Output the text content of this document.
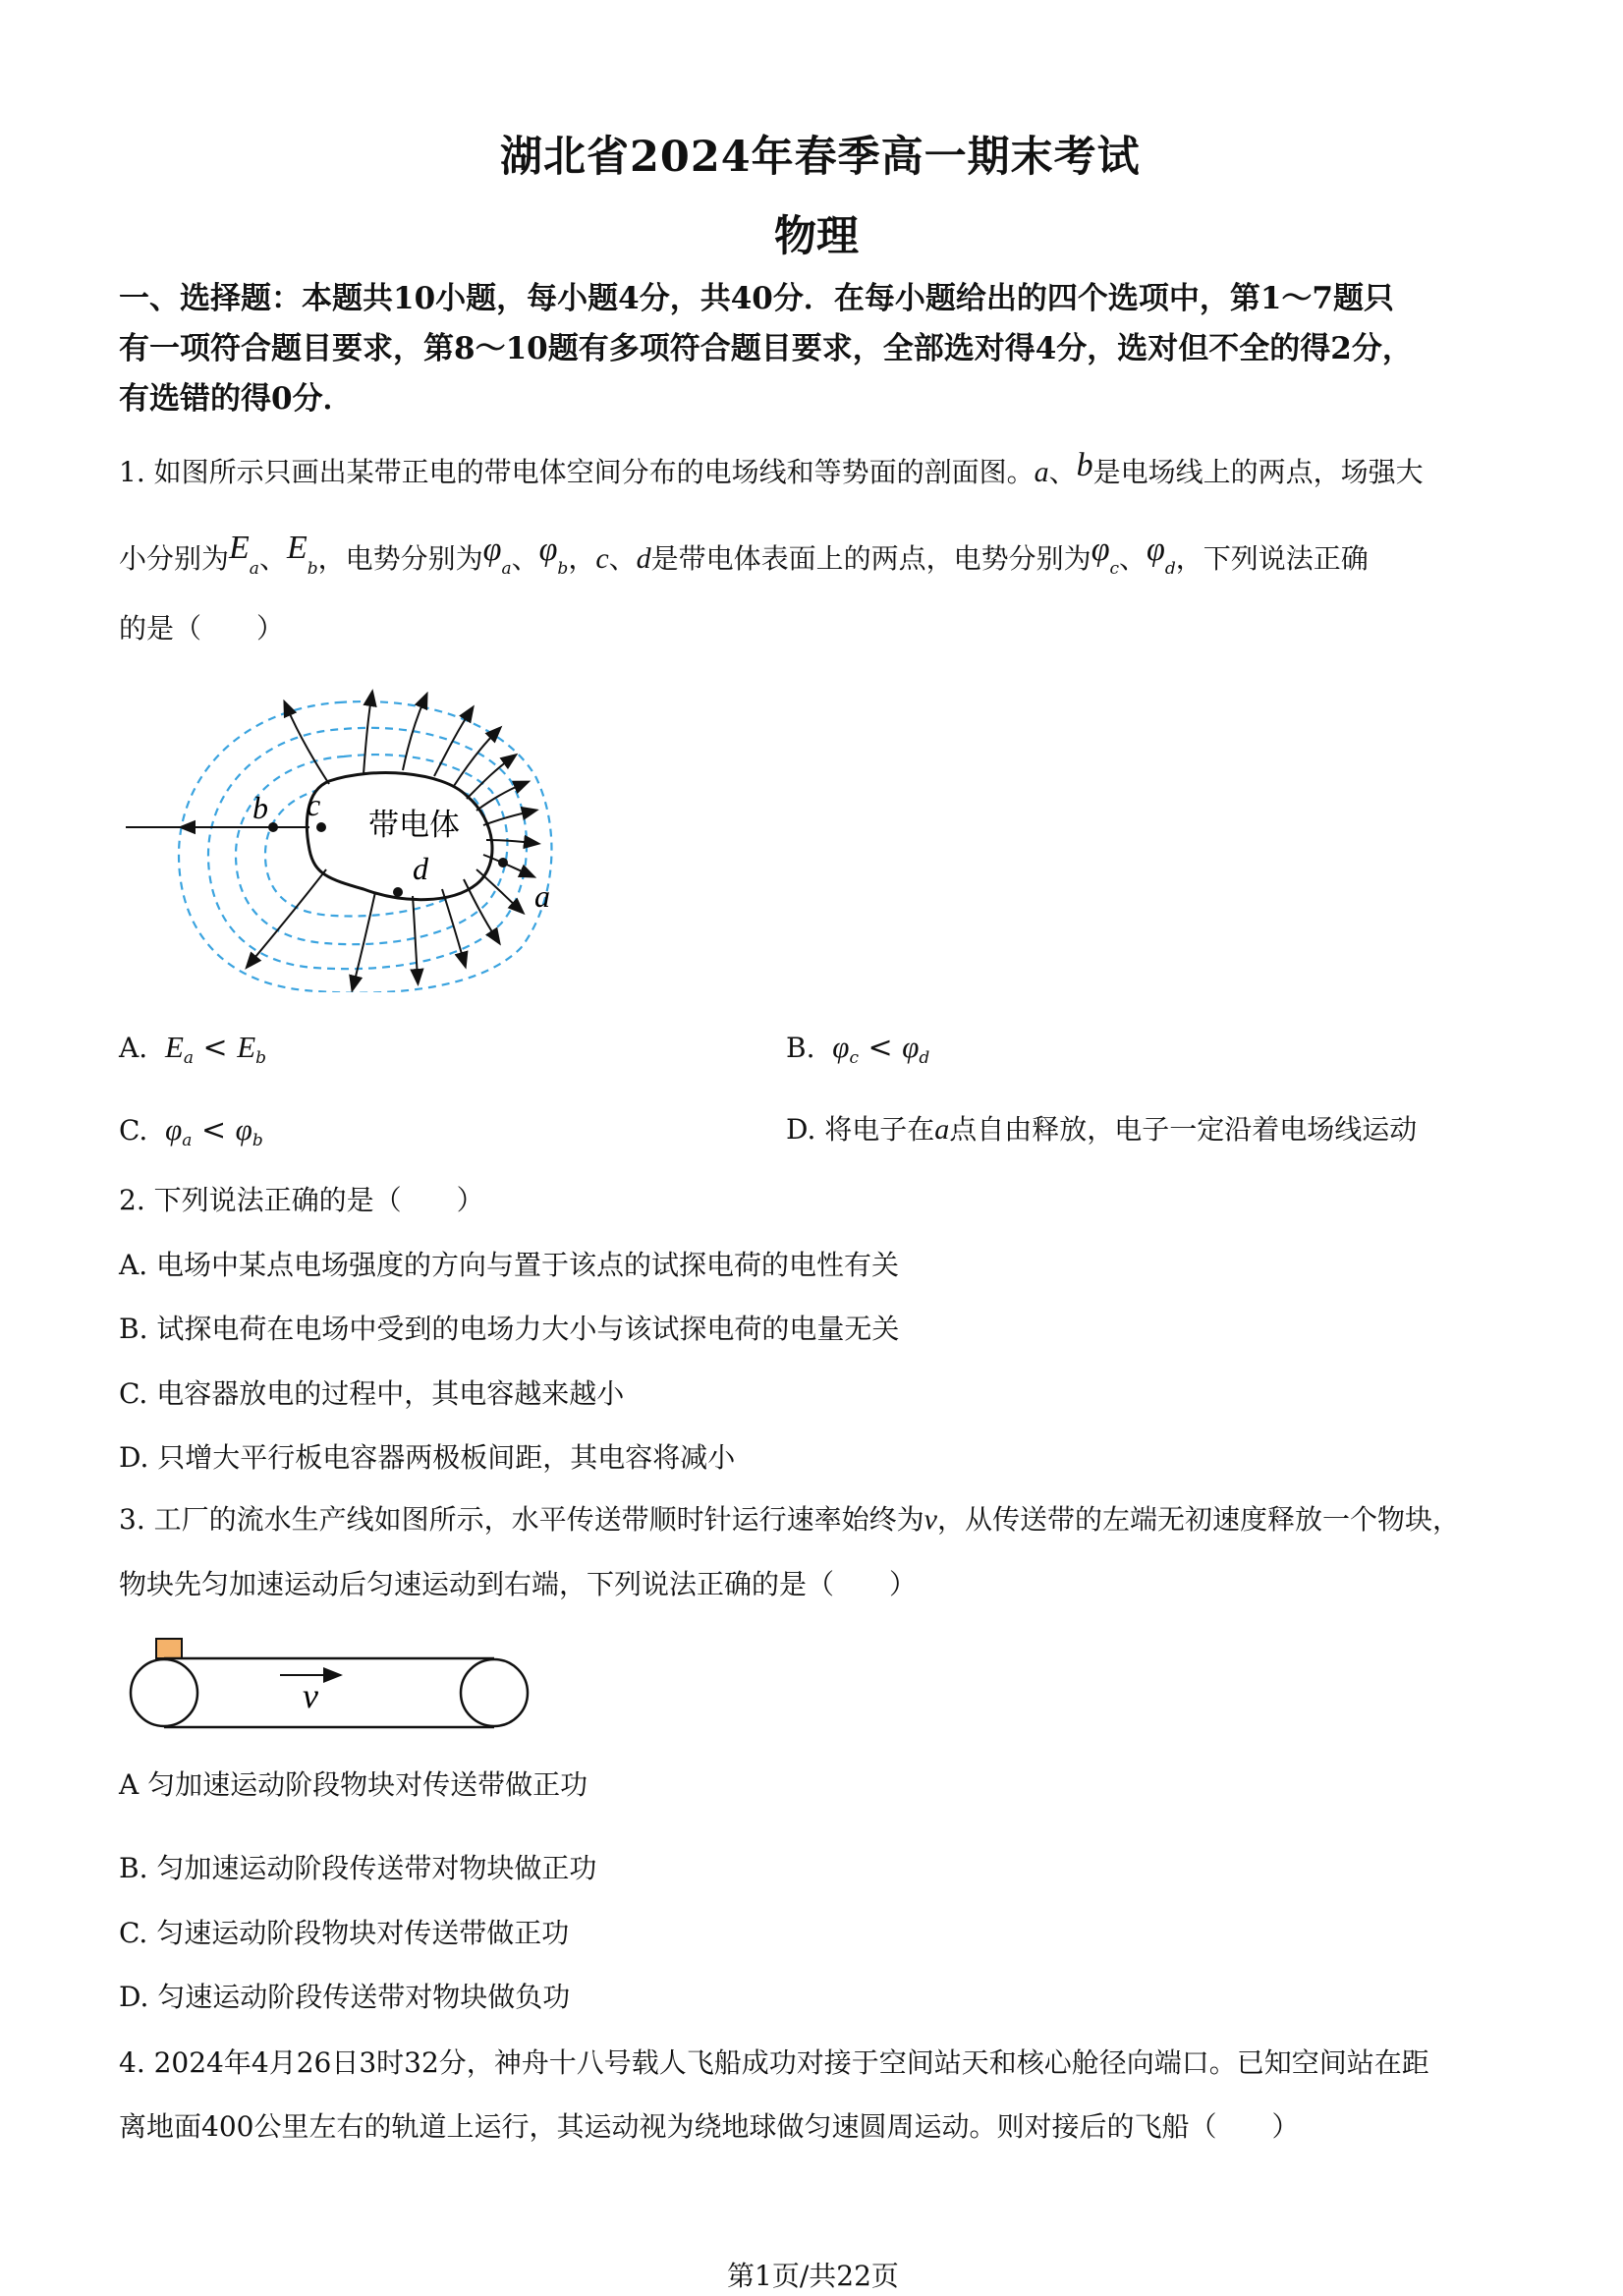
湖北省2024年春季高一期末考试
物理
一、选择题：本题共10小题，每小题4分，共40分．在每小题给出的四个选项中，第1～7题只
有一项符合题目要求，第8～10题有多项符合题目要求，全部选对得4分，选对但不全的得2分，
有选错的得0分．
1. 如图所示只画出某带正电的带电体空间分布的电场线和等势面的剖面图。a、b是电场线上的两点，场强大
小分别为$E_a$、$E_b$，电势分别为$\varphi_a$、$\varphi_b$，c、d是带电体表面上的两点，电势分别为$\varphi_c$、$\varphi_d$，下列说法正确
的是（　　）
b c
d
a
带电体
A. $E_a < E_b$	B. $\varphi_c < \varphi_d$
C. $\varphi_a < \varphi_b$	D. 将电子在a点自由释放，电子一定沿着电场线运动
2. 下列说法正确的是（　　）
A. 电场中某点电场强度的方向与置于该点的试探电荷的电性有关
B. 试探电荷在电场中受到的电场力大小与该试探电荷的电量无关
C. 电容器放电的过程中，其电容越来越小
D. 只增大平行板电容器两极板间距，其电容将减小
3. 工厂的流水生产线如图所示，水平传送带顺时针运行速率始终为v，从传送带的左端无初速度释放一个物块，
物块先匀加速运动后匀速运动到右端，下列说法正确的是（　　）
v
A 匀加速运动阶段物块对传送带做正功
B. 匀加速运动阶段传送带对物块做正功
C. 匀速运动阶段物块对传送带做正功
D. 匀速运动阶段传送带对物块做负功
4. 2024年4月26日3时32分，神舟十八号载人飞船成功对接于空间站天和核心舱径向端口。已知空间站在距
离地面400公里左右的轨道上运行，其运动视为绕地球做匀速圆周运动。则对接后的飞船（　　）
第1页/共22页
